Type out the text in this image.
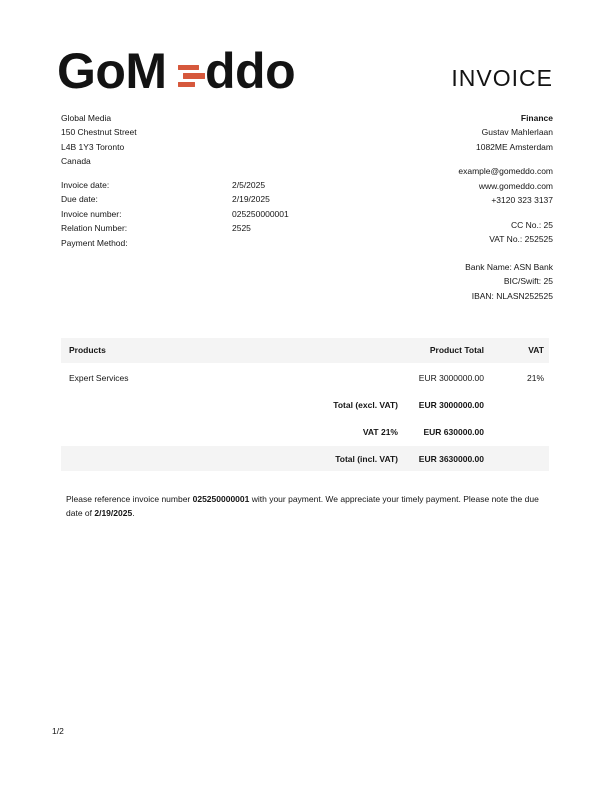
GoM ddo	INVOICE
Global Media
150 Chestnut Street
L4B 1Y3 Toronto
Canada
Finance
Gustav Mahlerlaan
1082ME Amsterdam
example@gomeddo.com
www.gomeddo.com
+3120 323 3137
CC No.: 25
VAT No.: 252525
Bank Name: ASN Bank
BIC/Swift: 25
IBAN: NLASN252525
Invoice date:	2/5/2025
Due date:	2/19/2025
Invoice number:	025250000001
Relation Number:	2525
Payment Method:
Products	Product Total	VAT
Expert Services	EUR 3000000.00	21%
Total (excl. VAT)	EUR 3000000.00
VAT 21%	EUR 630000.00
Total (incl. VAT)	EUR 3630000.00
Please reference invoice number 025250000001 with your payment. We appreciate your timely payment. Please note the due date of 2/19/2025.
1/2
